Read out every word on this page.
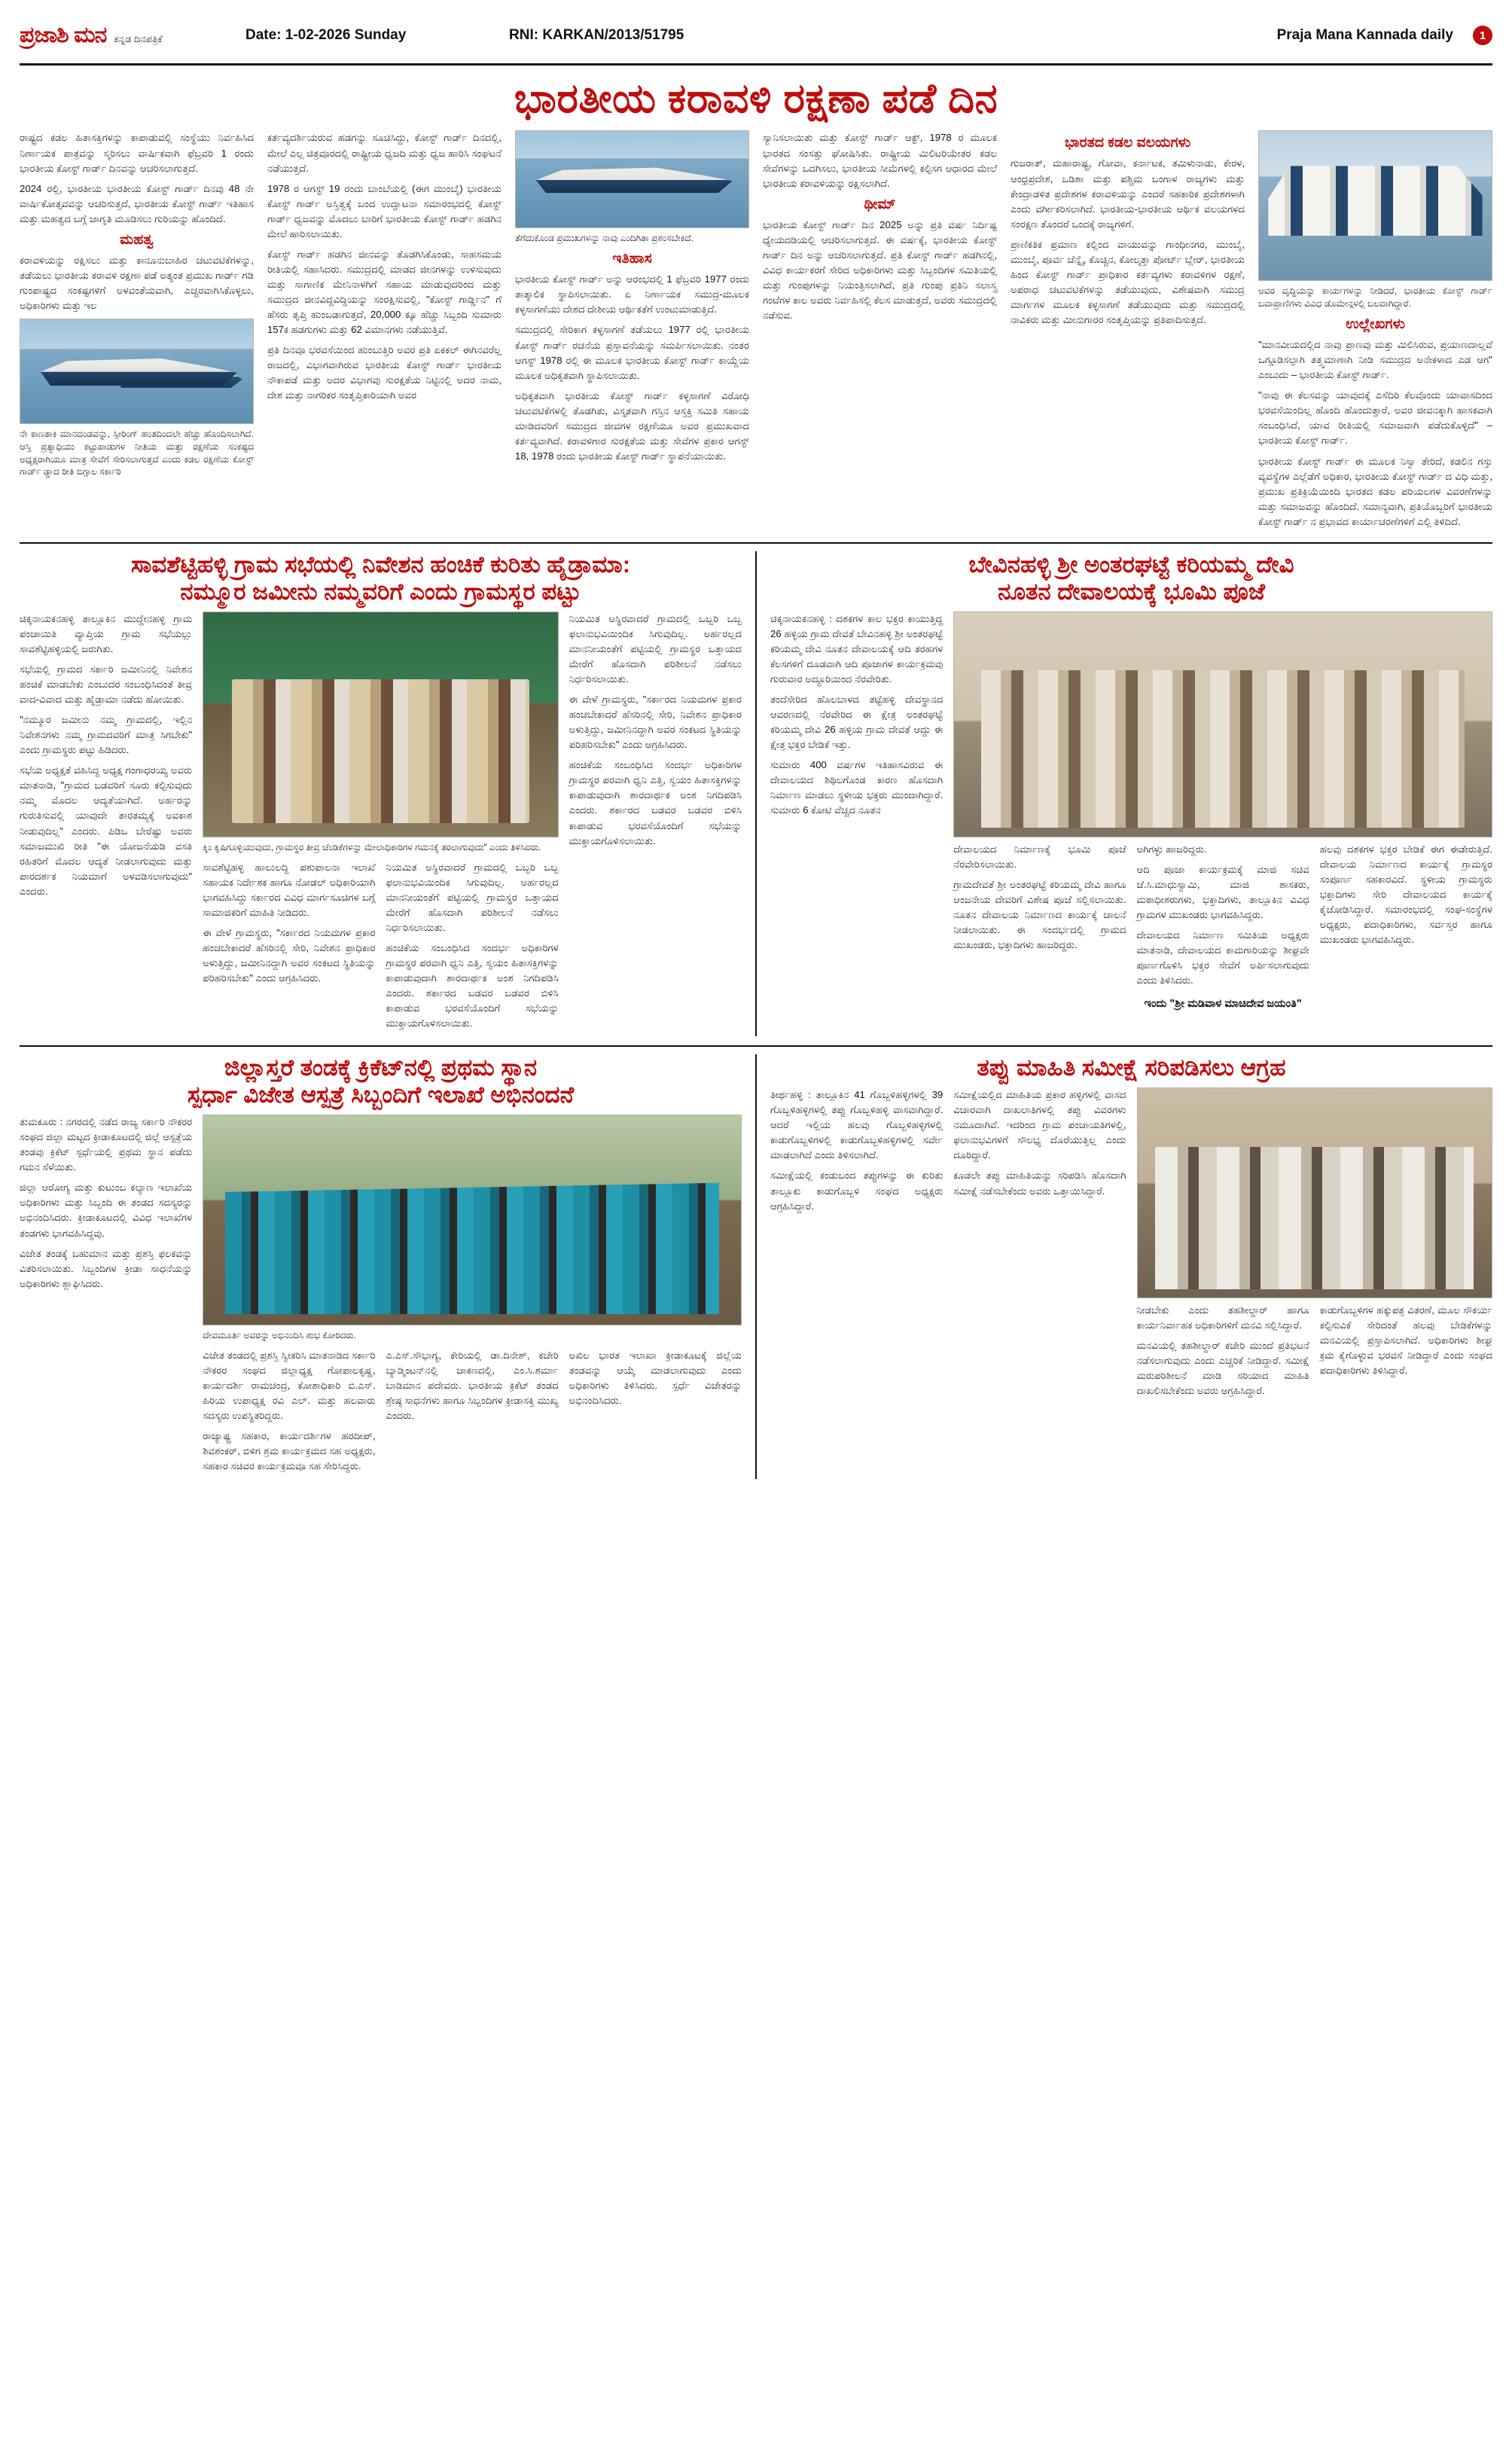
ಪ್ರಜಾಶಿ ಮನ ಕನ್ನಡ ದಿನಪತ್ರಿಕೆ	Date: 1-02-2026 Sunday	RNI: KARKAN/2013/51795	Praja Mana Kannada daily	1
ಭಾರತೀಯ ಕರಾವಳಿ ರಕ್ಷಣಾ ಪಡೆ ದಿನ

ರಾಷ್ಟ್ರದ ಕಡಲ ಹಿತಾಸಕ್ತಿಗಳನ್ನು ಕಾಪಾಡುವಲ್ಲಿ ಸಂಸ್ಥೆಯು ನಿರ್ವಹಿಸಿದ ನಿರ್ಣಾಯಕ ಪಾತ್ರವನ್ನು ಸ್ಮರಿಸಲು ವಾರ್ಷಿಕವಾಗಿ ಫೆಬ್ರವರಿ 1 ರಂದು ಭಾರತೀಯ ಕೋಸ್ಟ್ ಗಾರ್ಡ್ ದಿನವನ್ನು ಆಚರಿಸಲಾಗುತ್ತದೆ.

2024 ರಲ್ಲಿ, ಭಾರತೀಯ ಭಾರತೀಯ ಕೋಸ್ಟ್ ಗಾರ್ಡ್ ದಿನವು 48 ನೇ ವಾರ್ಷಿಕೋತ್ಸವವನ್ನು ಆಚರಿಸುತ್ತದೆ, ಭಾರತೀಯ ಕೋಸ್ಟ್ ಗಾರ್ಡ್ ಇತಿಹಾಸ ಮತ್ತು ಮಹತ್ವದ ಬಗ್ಗೆ ಜಾಗೃತಿ ಮೂಡಿಸಲು ಗುರಿಯನ್ನು ಹೊಂದಿದೆ.

ಮಹತ್ವ

ಕರಾವಳಿಯನ್ನು ರಕ್ಷಿಸಲು ಮತ್ತು ಕಾನೂನುಬಾಹಿರ ಚಟುವಟಿಕೆಗಳನ್ನು, ತಡೆಯಲು ಭಾರತೀಯ ಕರಾವಳಿ ರಕ್ಷಣಾ ಪಡೆ ಅತ್ಯಂತ ಪ್ರಮುಖ ಗಾರ್ಡ್ ಗಡಿ ಗುಂಪಾಷ್ಟ್ರದ ಸಂಕಷ್ಟಗಳಿಗೆ ಅಳವಂತೆಯವಾಗಿ, ಎಚ್ಚರವಾಗಿಸಿಕೊಳ್ಳಲು, ಅಧಿಕಾರಿಗಳು ಮತ್ತು ಇಲ

ನೇ ಕಾಣತಾಕಿ ಮಾನದಂಡವನ್ನು, ಸ್ಪೀರಿಂಗ್ ಹಂತದಿಂದಲೇ ಹೆಚ್ಚು ಹೊಂದಿಸಲಾಗಿದೆ. ಆಸ್ತಿ ಪ್ರತ್ಯಾಧಿಯು ಕಟ್ಟುಪಾಡುಗಳ ನೀತಿಯ ಮತ್ತು ರಕ್ಷಣೆಯ ಸಂಕಷ್ಟದ ಅಧ್ಯಕ್ಷರಾಗಿಯೂ ಮಾತ್ರ ಸೇವೆಗೆ ಸೇರಿಸಲಾಗುತ್ತದೆ ಎಂದು ಕಡಲ ರಕ್ಷಣೆಯ ಕೋಸ್ಟ್ ಗಾರ್ಡ್ ಡ್ಡಾದ ರೀತಿ ಬಿಗ್ಗಾಲ ಸರ್ಕಾರಿ

ಕರ್ತವ್ಯದರ್ಶಿಯರುವ ಹಡಗನ್ನು ಸೂಚಿಸಿದ್ದು, ಕೋಸ್ಟ್ ಗಾರ್ಡ್ ದಿನದಲ್ಲಿ, ಮೇಲೆ ಎಲ್ಲ ಚಿತ್ರವೂರದಲ್ಲಿ ರಾಷ್ಟ್ರೀಯ ಧ್ವಜದಿ ಮತ್ತು ಧ್ವಜ ಹಾರಿಸಿ ಸಂಘಟನೆ ನಡೆಯುತ್ತದೆ.

1978 ರ ಆಗಸ್ಟ್ 19 ರಂದು ಬಾಂಬೆಯಲ್ಲಿ (ಈಗ ಮುಂಬೈ) ಭಾರತೀಯ ಕೋಸ್ಟ್ ಗಾರ್ಡ್ ಅಸ್ತಿತ್ವಕ್ಕೆ ಬಂದ ಉದ್ಘಾಟನಾ ಸಮಾರಂಭದಲ್ಲಿ ಕೋಸ್ಟ್ ಗಾರ್ಡ್ ಧ್ವಜವನ್ನು ಮೊದಲು ಬಾರಿಗೆ ಭಾರತೀಯ ಕೋಸ್ಟ್ ಗಾರ್ಡ್ ಹಡಗಿನ ಮೇಲೆ ಹಾರಿಸಲಾಯಿತು.

ಕೋಸ್ಟ್ ಗಾರ್ಡ್ ಹಡಗಿನ ಜೀನವನ್ನು ತೊಡಗಿಸಿಕೊಂಡು, ಸಾಹಸಮಯ ರೀತಿಯಲ್ಲಿ ಸಹಾಸಿದರು. ಸಮುದ್ರದಲ್ಲಿ ಮಾಡದ ಜೀನಗಳನ್ನು ಉಳಿಸುವುದು ಮತ್ತು ಸಾಗಾಣಿಕ ಮೇನಿನಾಳಗಿಗೆ ಸಹಾಯ ಮಾಡುವುದರಿಂದ ಮತ್ತು ಸಮುದ್ರದ ಜೀನವಿದ್ದವಿದ್ದಿಯನ್ನು ಸಂರಕ್ಷಿಸುವಲ್ಲಿ, "ಕೋಸ್ಟ್ ಗಾರ್ಡ್ಡಿನ" ಗೆ ಹೆಸರು ತೃಪ್ತಿ ಹುಂಬಡಾಗುತ್ತದೆ, 20,000 ಕ್ಕೂ ಹೆಚ್ಚು ಸಿಬ್ಬಂದಿ ಸುಮಾರು 157ಕ ಹಡಗುಗಳು ಮತ್ತು 62 ವಿಮಾನಗಳು ನಡೆಯುತ್ತಿವೆ.

ಪ್ರತಿ ದಿನವೂ ಭರವಸೆಯಿಂದ ಹುಂಬುತ್ತಿರಿ ಅವರ ಪ್ರತಿ ಏಕಕಲ್ ಈಗಿನವರೆಲ್ಲ ರಾಜದಲ್ಲಿ, ವಿಭಾಗವಾಗಿರುವ ಭಾರತೀಯ ಕೋಸ್ಟ್ ಗಾರ್ಡ್ ಭಾರತೀಯ ನೌಕಾಪಡೆ ಮತ್ತು ಅದರ ವಿಭಾಗವು ಸುರಕ್ಷತೆಯ ನಿಟ್ಟಿನಲ್ಲಿ ಅದರ ನಾಮ, ದೇಶ ಮತ್ತು ನಾಗರಿಕರ ಸಂತೃಪ್ತಿಕಾರಿಯಾಗಿ ಅವರ

ತೆಗೆದುಕೊಂಡ ಪ್ರಮುಖಗಳನ್ನು ನಾವು ಎಂದಿಗಿತಾ ಪ್ರಶಂಸಬೇಕಿದೆ.
ಇತಿಹಾಸ

ಭಾರತೀಯ ಕೋಸ್ಟ್ ಗಾರ್ಡ್ ಅನ್ನು ಆರಂಭದಲ್ಲಿ 1 ಫೆಬ್ರವರಿ 1977 ರಂದು ತಾತ್ಕಾಲಿಕ ಸ್ಥಾಪಿಸಲಾಯಿತು. ಏ ನಿರ್ಣಾಯಕ ಸಮುದ್ರ-ಮೂಲಕ ಕಳ್ಳಸಾಗಣೆಯು ದೇಶದ ದೇಶೀಯ ಆರ್ಥಿಕತೆಗೆ ಉಂಟುಮಾಡುತ್ತಿದೆ.

ಸಮುದ್ರದಲ್ಲಿ ಸೇರಿಕಾಗ ಕಳ್ಳಸಾಗಣೆ ತಡೆಯಲು 1977 ರಲ್ಲಿ ಭಾರತೀಯ ಕೋಸ್ಟ್ ಗಾರ್ಡ್ ರಚನೆಯ ಪ್ರಸ್ತಾವನೆಯನ್ನು ಸಮರ್ಪಿಸಲಾಯಿತು. ನಂತರ ಆಗಸ್ಟ್ 1978 ರಲ್ಲಿ ಈ ಮೂಲಕ ಭಾರತೀಯ ಕೋಸ್ಟ್ ಗಾರ್ಡ್ ಕಾಯ್ದೆಯ ಮೂಲಕ ಅಧಿಕೃತವಾಗಿ ಸ್ಥಾಪಿಸಲಾಯಿತು.

ಅಧಿಕೃತವಾಗಿ ಭಾರತೀಯ ಕೋಸ್ಟ್ ಗಾರ್ಡ್ ಕಳ್ಳಸಾಗಣೆ ವಿರೋಧಿ ಚಟುವಟಿಕೆಗಳಲ್ಲಿ ತೊಡಗಿತು, ವಿಸ್ತೃತವಾಗಿ ಗಸ್ತಿನ ಆಸ್ತಕ್ತಿ ಸಮಿತಿ ಸಹಾಯ ಮಾಡಿದವರಿಗೆ ಸಮುದ್ರದ ಜೀವಗಳ ರಕ್ಷಣೆಯೂ ಅವರ ಪ್ರಮುಖವಾದ ಕರ್ತವ್ಯವಾಗಿದೆ. ಕರಾವಳಿಗಾರ ಸುರಕ್ಷತೆಯ ಮತ್ತು ಸೇವೆಗಳ ಪ್ರಕಾರ ಆಗಸ್ಟ್ 18, 1978 ರಂದು ಭಾರತೀಯ ಕೋಸ್ಟ್ ಗಾರ್ಡ್ ಸ್ಥಾಪನೆಯಾಯಿತು.

ಸ್ಯಾನಿಸಲಾಯಿತು ಮತ್ತು ಕೋಸ್ಟ್ ಗಾರ್ಡ್ ಆಕ್ಟ್, 1978 ರ ಮೂಲಕ ಭಾರತದ ಸಂಸತ್ತು ಘೋಷಿಸಿತು. ರಾಷ್ಟ್ರೀಯ ಮಿಲಿಟರಿಯೇತರ ಕಡಲ ಸೇವೆಗಳನ್ನು ಒದಗಿಸಲು, ಭಾರತೀಯ ಸೀಮೆಗಳಲ್ಲಿ ಕಲ್ಪಿಸಗ ಆಧಾರದ ಮೇಲೆ ಭಾರತೀಯ ಕರಾವಳಿಯನ್ನು ರಕ್ಷಿಸಲಾಗಿದೆ.

ಥೀಮ್

ಭಾರತೀಯ ಕೋಸ್ಟ್ ಗಾರ್ಡ್ ದಿನ 2025 ಅನ್ನು ಪ್ರತಿ ವರ್ಷ ನಿರ್ದಿಷ್ಟ ಧ್ಯೇಯದಡಿಯಲ್ಲಿ ಆಚರಿಸಲಾಗುತ್ತದೆ. ಈ ವರ್ಷಕ್ಕೆ, ಭಾರತೀಯ ಕೋಸ್ಟ್ ಗಾರ್ಡ್ ದಿನ ಅನ್ನು ಆಚರಿಸಲಾಗುತ್ತದೆ. ಪ್ರತಿ ಕೋಸ್ಟ್ ಗಾರ್ಡ್ ಹಡಗಿನಲ್ಲಿ, ವಿವಿಧ ಕಾರ್ಯಕರಗೆ ಸೇರಿದ ಅಧಿಕಾರಿಗಳು ಮತ್ತು ಸಿಬ್ಬಂದಿಗಳ ಸಮಿತಿಯಲ್ಲಿ ಮತ್ತು ಗುಂಪುಗಳನ್ನು ನಿಯಂತ್ರಿಸಲಾಗಿದೆ, ಪ್ರತಿ ಗುಂಪು ಪ್ರತಿನಿ ಸಲಾಸ್ತ್ರ ಗಂಟೆಗಳ ಕಾಲ ಅವರು ನಿರ್ವಹಿಸಲ್ಲಿ ಕೆಲಸ ಮಾಡುತ್ತದೆ, ಅವರು ಸಮುದ್ರದಲ್ಲಿ ನಡೆಸುವ.

ಭಾರತದ ಕಡಲ ವಲಯಗಳು

ಗುಜರಾತ್, ಮಹಾರಾಷ್ಟ್ರ, ಗೋವಾ, ಕರ್ನಾಟಕ, ತಮಿಳುನಾಡು, ಕೇರಳ, ಆಂಧ್ರಪ್ರದೇಶ, ಒಡಿಶಾ ಮತ್ತು ಪಶ್ಚಿಮ ಬಂಗಾಳ ರಾಜ್ಯಗಳು ಮತ್ತು ಕೇಂದ್ರಾಡಳಿತ ಪ್ರದೇಶಗಳ ಕರಾವಳಿಯನ್ನು ಎಂದರೆ ಸಹಕಾರಿಕ ಪ್ರದೇಶಗಳಾಗಿ ಎಂದು ವರ್ಗೀಕರಿಸಲಾಗಿದೆ. ಭಾರತೀಯ-ಭಾರತೀಯ ಆರ್ಥಿಕ ವಲಯಗಳದ ಸಂರಕ್ಷಣ ತೊಂದರೆ ಒಂದಕ್ಕೆ ರಾಜ್ಯಗಳಿಗೆ.

ಪ್ರಾಣಿಕತಿಕ ಪ್ರಮಾಣ ಕಲ್ಲಿಂದ ವಾಯುವನ್ನು ಗಾಂಧೀನಗರ, ಮುಂಬೈ, ಮುಂಬೈ, ಪೂರ್ವ ಚೆನ್ನೈ, ಕೊಚ್ಚಿನ, ಕೋಲ್ಕತ್ತಾ ಪೋರ್ಟ್ ಬ್ಲೇರ್, ಭಾರತೀಯ ಹಿಂದ ಕೋಸ್ಟ್ ಗಾರ್ಡ್ ಪ್ರಾಧಿಕಾರ ಕರ್ತವ್ಯಗಳು ಕರಾವಳಿಗಳ ರಕ್ಷಣೆ, ಅಪರಾಧ ಚಟುವಟಿಕೆಗಳನ್ನು ತಡೆಯುವುದು, ವಿಶೇಷವಾಗಿ ಸಮುದ್ರ ಮಾರ್ಗಗಳ ಮೂಲಕ ಕಳ್ಳಸಾಗಣೆ ತಡೆಯುವುದು ಮತ್ತು ಸಮುದ್ರದಲ್ಲಿ ನಾವಿಕರು ಮತ್ತು ಮೀನುಗಾರರ ಸಂತೃಪ್ತಿಯನ್ನು ಪ್ರತಿಪಾದಿಸುತ್ತದೆ.

ಅವರ ವೃದ್ಧಿಯನ್ನು ಕಾರ್ಯಗಳನ್ನು ನೀಡಿದರೆ, ಭಾರತೀಯ ಕೋಸ್ಟ್ ಗಾರ್ಡ್ ಬವಾಪ್ರಾಣಿಗಳು ವಿವಿಧ ಡೊಮೇನ್ಗಳಲ್ಲಿ ಬಲವಾಗಿದ್ದಾರೆ.
ಉಲ್ಲೇಖಗಳು

"ಮಾನವೀಯದಲ್ಲಿದ ನಾವು ಪ್ರಾಣವು ಮತ್ತು ಮಿಲಿಸಿರುವ, ಪ್ರಯಾಣದಾಲ್ಲವೆ ಒಗ್ಗೂಡಿಸಲ್ಪಾಗಿ ತತ್ತ್ವಮಾಣಾಗಿ ನೀಡಿ ಸಮುದ್ರದ ಅನೇಕಳಾದ ಎಡ ಆಗ" ಎಂಬುದು – ಭಾರತೀಯ ಕೋಸ್ಟ್ ಗಾರ್ಡ್.

"ನಾವು ಈ ಕೆಲಸವನ್ನು ಯಾವುದಕ್ಕೆ ಎಸೆದಿರಿ ಕೆಲವೊಂದು ಯಾವಾಸದಿಂದ ಭರವಸೆಯಿಂದಿಲ್ಲ ಹೊಂದಿ ಹೊಂದುತ್ತಾರೆ, ಅವರ ಜೀವನಕ್ಕಾಗಿ ಹಾಸಕವಾಗಿ ಸಂಬಂಧಿಸಿದೆ, ಯಾವ ರೀತಿಯಲ್ಲಿ ಸಮಾಜವಾಗಿ ಪಡೆದುಕೊಳ್ಳಿದೆ" – ಭಾರತೀಯ ಕೋಸ್ಟ್ ಗಾರ್ಡ್.

ಭಾರತೀಯ ಕೋಸ್ಟ್ ಗಾರ್ಡ್ ಈ ಮೂಲಕ ನಿಸ್ವಾ ತೇರಿದೆ, ಕಡಲಿನ ಗಸ್ತು ವ್ಯವಸ್ಥೆಗಳ ಎಲ್ಲೆಡೆಗೆ ಅಧಿಕಾರ, ಭಾರತೀಯ ಕೋಸ್ಟ್ ಗಾರ್ಡ್ ದ ವಿಧಿ ಮತ್ತು, ಪ್ರಮುಖ ಪ್ರತಿಕ್ರಿಯೆಯಿಂದಿ ಭಾರತದ ಕಡಲ ಪರಿಯಲಗಳ ವಿವರಣೆಗಳನ್ನು ಮತ್ತು ಸಮಾಜವನ್ನು ಹೊಂದಿದೆ. ಸಮಾನ್ಯವಾಗಿ, ಪ್ರತಿಯೊಬ್ಬರಿಗೆ ಭಾರತೀಯ ಕೋಸ್ಟ್ ಗಾರ್ಡ್ ನ ಪ್ರಭಾವದ ಕಾರ್ಯಾಚರಣೆಗಳಿಗೆ ಎಲ್ಲಿ ತಿಳಿದಿದೆ.

ಸಾವಶೆಟ್ಟಿಹಳ್ಳಿ ಗ್ರಾಮ ಸಭೆಯಲ್ಲಿ ನಿವೇಶನ ಹಂಚಿಕೆ ಕುರಿತು ಹೈಡ್ರಾಮಾ:
ನಮ್ಮೂರ ಜಮೀನು ನಮ್ಮವರಿಗೆ ಎಂದು ಗ್ರಾಮಸ್ಥರ ಪಟ್ಟು

ಚಿಕ್ಕನಾಯಕನಹಳ್ಳಿ ತಾಲ್ಲೂಕಿನ ಮುದ್ದೇನಹಳ್ಳಿ ಗ್ರಾಮ ಪಂಚಾಯಿತಿ ವ್ಯಾಪ್ತಿಯ ಗ್ರಾಮ ಸಭೆಯಲ್ಲು ಸಾವಶೆಟ್ಟಿಹಳ್ಳಿಯಲ್ಲಿ ಜರುಗಿತು.

ಸಭೆಯಲ್ಲಿ ಗ್ರಾಮದ ಸರ್ಕಾರಿ ಜಮೀನಿನಲ್ಲಿ ನಿವೇಶನ ಹಂಚಿಕೆ ಮಾಡಬೇಕು ಎಂಬುದರ ಸಂಬಂಧಿಸಿದಂತೆ ತೀವ್ರ ವಾದ-ವಿವಾದ ಮತ್ತು ಹೈಡ್ರಾಮಾ ನಡೆದು ಹೋಯಿತು.

"ನಮ್ಮೂರ ಜಮೀನು ನಮ್ಮ ಗ್ರಾಮದಲ್ಲಿ, ಇಲ್ಲಿನ ನಿವೇಶನಗಳು ನಮ್ಮ ಗ್ರಾಮದವರಿಗೆ ಮಾತ್ರ ಸಿಗಬೇಕು" ಎಂದು ಗ್ರಾಮಸ್ಥರು ಪಟ್ಟು ಹಿಡಿದರು.

ಸಭೆಯ ಅಧ್ಯಕ್ಷತೆ ವಹಿಸಿದ್ದ ಅಧ್ಯಕ್ಷ ಗಂಗಾಧರಯ್ಯ ಅವರು ಮಾತನಾಡಿ, "ಗ್ರಾಮದ ಬಡವರಿಗೆ ಸೂರು ಕಲ್ಪಿಸುವುದು ನಮ್ಮ ಮೊದಲ ಆದ್ಯತೆಯಾಗಿದೆ. ಅರ್ಹರನ್ನು ಗುರುತಿಸುವಲ್ಲಿ ಯಾವುದೇ ತಾರತಮ್ಯಕ್ಕೆ ಅವಕಾಶ ನೀಡುವುದಿಲ್ಲ" ಎಂದರು. ಪಿಡಿಒ ಬೇರೆಷ್ಟು ಅವರು ಸಮಾಜಮುಖಿ ರೀತಿ "ಈ ಯೋಜನೆಯಡಿ ವಸತಿ ರಹಿತರಿಗೆ ಮೊದಲ ಆದ್ಯತೆ ನೀಡಲಾಗುವುದು ಮತ್ತು ಪಾರದರ್ಶಕ ನಿಯಮಾಗೆ ಅಳವಡಿಸಲಾಗುವುದು" ಎಂದರು.

ಕ್ಕಿಂ ಕೃಷಿಗೂಳ್ಳಿಯುವುದು, ಗ್ರಾಮಸ್ಥರ ತೀವ್ರ ಚೆಂಡಿಕೆಗಳನ್ನು ಮೇಲಾಧಿಕಾರಿಗಳ ಗಮನಕ್ಕೆ ತರಲಾಗುವುದು" ಎಂದು ತಿಳಿಸಿದರು.

ಸಾವಶೆಟ್ಟಿಹಳ್ಳಿ ಹಾಲುಲದ್ದಿ ಪಶುಪಾಲನಾ ಇಲಾಖೆ ಸಹಾಯಕ ನಿರ್ದೇಶಕ ಹಾಗೂ ನೋಡಲ್ ಅಧಿಕಾರಿಯಾಗಿ ಭಾಗವಹಿಸಿದ್ದು ಸರ್ಕಾರದ ವಿವಿಧ ಮಾರ್ಗಸೂಚಿಗಳ ಬಗ್ಗೆ ಸಾಮಾಜಿಕರಿಗೆ ಮಾಹಿತಿ ನೀಡಿದರು.

ಈ ವೇಳೆ ಗ್ರಾಮಸ್ಥರು, "ಸರ್ಕಾರದ ನಿಯಮಗಳ ಪ್ರಕಾರ ಹಂಚಬೇಕಾದರೆ ಹೆಸರಿನಲ್ಲಿ ಸೇರಿ, ನಿವೇಶನ ಪ್ರಾಧಿಕಾರ ಅಳುತ್ತಿದ್ದು, ಜಮೀನಿನದ್ದಾಗಿ ಅವರ ಸಂಕಟದ ಸ್ಥಿತಿಯನ್ನು ಪರಿಹರಿಸಬೇಕು" ಎಂದು ಆಗ್ರಹಿಸಿದರು.

ನಿಯಮಿತ ಅಸ್ಥಿರವಾದರೆ ಗ್ರಾಮದಲ್ಲಿ ಒಬ್ಬರಿ ಒಬ್ಬ ಫಲಾನುಭವಿಯಿಂದಿಕ ಸಿಗುವುದಿಲ್ಲ. ಅರ್ಹರಲ್ಲದ ಮಾನನೀಯಂತೆಗೆ ಪಟ್ಟಿಯಲ್ಲಿ ಗ್ರಾಮಸ್ಥರ ಒತ್ತಾಯದ ಮೇರೆಗೆ ಹೊಸದಾಗಿ ಪರಿಶೀಲನೆ ನಡೆಸಲು ನಿರ್ಧರಿಸಲಾಯಿತು.

ಹಂಚಿಕೆಯ ಸಂಬಂಧಿಸಿದ ಸಂದರ್ಭ ಅಧಿಕಾರಿಗಳ ಗ್ರಾಮಸ್ಥರ ಪರವಾಗಿ ಧ್ವನಿ ಎತ್ತಿ, ಸ್ವಯಂ ಹಿತಾಸಕ್ತಿಗಳನ್ನು ಕಾಪಾಡುವುದಾಗಿ ಶಾರದಾರ್ಥಕ ಅಂಶ ನಿಗದಿಪಡಿಸಿ ಎಂದರು. ಶರ್ಕಾರದ ಬಡವರ ಬಡವರ ಬಿಳಿಸಿ ಕಾಪಾಡುವ ಭರವಸೆಯೊಂದಿಗೆ ಸಭೆಯನ್ನು ಮುಕ್ತಾಯಗೊಳಿಸಲಾಯಿತು.

ನಿಯಮಿತ ಅಸ್ಥಿರವಾದರೆ ಗ್ರಾಮದಲ್ಲಿ ಒಬ್ಬರಿ ಒಬ್ಬ ಫಲಾನುಭವಿಯಿಂದಿಕ ಸಿಗುವುದಿಲ್ಲ. ಅರ್ಹರಲ್ಲದ ಮಾನನೀಯಂತೆಗೆ ಪಟ್ಟಿಯಲ್ಲಿ ಗ್ರಾಮಸ್ಥರ ಒತ್ತಾಯದ ಮೇರೆಗೆ ಹೊಸದಾಗಿ ಪರಿಶೀಲನೆ ನಡೆಸಲು ನಿರ್ಧರಿಸಲಾಯಿತು.

ಈ ವೇಳೆ ಗ್ರಾಮಸ್ಥರು, "ಸರ್ಕಾರದ ನಿಯಮಗಳ ಪ್ರಕಾರ ಹಂಚಬೇಕಾದರೆ ಹೆಸರಿನಲ್ಲಿ ಸೇರಿ, ನಿವೇಶನ ಪ್ರಾಧಿಕಾರ ಅಳುತ್ತಿದ್ದು, ಜಮೀನಿನದ್ದಾಗಿ ಅವರ ಸಂಕಟದ ಸ್ಥಿತಿಯನ್ನು ಪರಿಹರಿಸಬೇಕು" ಎಂದು ಆಗ್ರಹಿಸಿದರು.

ಹಂಚಿಕೆಯ ಸಂಬಂಧಿಸಿದ ಸಂದರ್ಭ ಅಧಿಕಾರಿಗಳ ಗ್ರಾಮಸ್ಥರ ಪರವಾಗಿ ಧ್ವನಿ ಎತ್ತಿ, ಸ್ವಯಂ ಹಿತಾಸಕ್ತಿಗಳನ್ನು ಕಾಪಾಡುವುದಾಗಿ ಶಾರದಾರ್ಥಕ ಅಂಶ ನಿಗದಿಪಡಿಸಿ ಎಂದರು. ಶರ್ಕಾರದ ಬಡವರ ಬಡವರ ಬಿಳಿಸಿ ಕಾಪಾಡುವ ಭರವಸೆಯೊಂದಿಗೆ ಸಭೆಯನ್ನು ಮುಕ್ತಾಯಗೊಳಿಸಲಾಯಿತು.

ಬೇವಿನಹಳ್ಳಿ ಶ್ರೀ ಅಂತರಘಟ್ಟೆ ಕರಿಯಮ್ಮ ದೇವಿ
ನೂತನ ದೇವಾಲಯಕ್ಕೆ ಭೂಮಿ ಪೂಜೆ

ಚಿಕ್ಕನಾಯಕನಹಳ್ಳಿ : ದಶಕಗಳ ಕಾಲ ಭಕ್ತರ ಕಾಯುತ್ತಿದ್ದ 26 ಹಳ್ಳಿಯ ಗ್ರಾಮ ದೇವತೆ ಬೇವಿನಹಳ್ಳಿ ಶ್ರೀ ಅಂತರಘಟ್ಟೆ ಕರಿಯಮ್ಮ ದೇವಿ ನೂತನ ದೇವಾಲಯಕ್ಕೆ ಆದಿ ತರಹಗಳ ಕೆಲಸಗಳಿಗೆ ದೂಡವಾಗಿ ಆದಿ ಪೂಜಾಗಳ ಕಾರ್ಯಕ್ರಮವು ಗುರುವಾರ ಅದ್ಧೂರಿಯಿಂದ ನೆರವೇರಿತು.

ತಂದೆಸೇರಿದ ಹೊಲಬಾಳದ ತಟ್ಟೆಹಳ್ಳಿ ದೇವಸ್ಥಾನದ ಆವರಣದಲ್ಲಿ ನೆರವೇರಿದ ಈ ಕ್ಷೇತ್ರ ಅಂತರಘಟ್ಟೆ ಕರಿಯಮ್ಮ ದೇವಿ 26 ಹಳ್ಳಿಯ ಗ್ರಾಮ ದೇವತೆ ಆದ್ದು ಈ ಕ್ಷೇತ್ರ ಭಕ್ತರ ಬೇಡಿಕೆ ಇತ್ತು.

ಸುಮಾರು 400 ವರ್ಷಗಳ ಇತಿಹಾಸವಿರುವ ಈ ದೇವಾಲಯದ ಶಿಥಿಲಗೊಂಡ ಕಾರಣ ಹೊಸದಾಗಿ ನಿರ್ಮಾಣ ಮಾಡಲು ಸ್ಥಳೀಯ ಭಕ್ತರು ಮುಂದಾಗಿದ್ದಾರೆ. ಸುಮಾರು 6 ಕೋಟಿ ವೆಚ್ಚದ ನೂತನ

ದೇವಾಲಯದ ನಿರ್ಮಾಣಕ್ಕೆ ಭೂಮಿ ಪೂಜೆ ನೆರವೇರಿಸಲಾಯಿತು.

ಗ್ರಾಮದೇವತೆ ಶ್ರೀ ಅಂತರಘಟ್ಟೆ ಕರಿಯಮ್ಮ ದೇವಿ ಹಾಗೂ ಆಂಜನೇಯ ದೇವರಿಗೆ ವಿಶೇಷ ಪೂಜೆ ಸಲ್ಲಿಸಲಾಯಿತು. ನೂತನ ದೇವಾಲಯ ನಿರ್ಮಾಣದ ಕಾರ್ಯಕ್ಕೆ ಚಾಲನೆ ನೀಡಲಾಯಿತು. ಈ ಸಂದರ್ಭದಲ್ಲಿ ಗ್ರಾಮದ ಮುಖಂಡರು, ಭಕ್ತಾದಿಗಳು ಹಾಜರಿದ್ದರು.

ಅಗಿಗಳ್ಳು ಹಾಜರಿದ್ದರು.

ಆದಿ ಪೂಜಾ ಕಾರ್ಯಕ್ರಮಕ್ಕೆ ಮಾಜಿ ಸಚಿವ ಜೆ.ಸಿ.ಮಾಧುಸ್ವಾಮಿ, ಮಾಜಿ ಶಾಸಕರು, ಮಠಾಧೀಶರುಗಳು, ಭಕ್ತಾದಿಗಳು, ತಾಲ್ಲೂಕಿನ ವಿವಿಧ ಗ್ರಾಮಗಳ ಮುಖಂಡರು ಭಾಗವಹಿಸಿದ್ದರು.

ದೇವಾಲಯದ ನಿರ್ಮಾಣ ಸಮಿತಿಯ ಅಧ್ಯಕ್ಷರು ಮಾತನಾಡಿ, ದೇವಾಲಯದ ಕಾಮಗಾರಿಯನ್ನು ಶೀಘ್ರವೇ ಪೂರ್ಣಗೊಳಿಸಿ ಭಕ್ತರ ಸೇವೆಗೆ ಅರ್ಪಿಸಲಾಗುವುದು ಎಂದು ತಿಳಿಸಿದರು.

ಹಲವು ದಶಕಗಳ ಭಕ್ತರ ಬೇಡಿಕೆ ಈಗ ಈಡೇರುತ್ತಿದೆ. ದೇವಾಲಯ ನಿರ್ಮಾಣದ ಕಾರ್ಯಕ್ಕೆ ಗ್ರಾಮಸ್ಥರ ಸಂಪೂರ್ಣ ಸಹಕಾರವಿದೆ. ಸ್ಥಳೀಯ ಗ್ರಾಮಸ್ಥರು ಭಕ್ತಾದಿಗಳು ಸೇರಿ ದೇವಾಲಯದ ಕಾರ್ಯಕ್ಕೆ ಕೈಜೋಡಿಸಿದ್ದಾರೆ. ಸಮಾರಂಭದಲ್ಲಿ ಸಂಘ-ಸಂಸ್ಥೆಗಳ ಅಧ್ಯಕ್ಷರು, ಪದಾಧಿಕಾರಿಗಳು, ಸರ್ವಸ್ತರ ಹಾಗೂ ಮುಖಂಡರು ಭಾಗವಹಿಸಿದ್ದರು.

ಇಂದು "ಶ್ರೀ ಮಡಿವಾಳ ಮಾಚಿದೇವ ಜಯಂತಿ"
ಜಿಲ್ಲಾಸ್ತರೆ ತಂಡಕ್ಕೆ ಕ್ರಿಕೆಟ್‌ನಲ್ಲಿ ಪ್ರಥಮ ಸ್ಥಾನ
ಸ್ಪರ್ಧಾ ವಿಜೇತ ಆಸ್ಪತ್ರೆ ಸಿಬ್ಬಂದಿಗೆ ಇಲಾಖೆ ಅಭಿನಂದನೆ

ತುಮಕೂರು : ನಗರದಲ್ಲಿ ನಡೆದ ರಾಜ್ಯ ಸರ್ಕಾರಿ ನೌಕರರ ಸಂಘದ ಜಿಲ್ಲಾ ಮಟ್ಟದ ಕ್ರೀಡಾಕೂಟದಲ್ಲಿ ಜಿಲ್ಲೆ ಆಸ್ಪತ್ರೆಯ ತಂಡವು ಕ್ರಿಕೆಟ್ ಸ್ಪರ್ಧೆಯಲ್ಲಿ ಪ್ರಥಮ ಸ್ಥಾನ ಪಡೆದು ಗಮನ ಸೆಳೆಯಿತು.

ಜಿಲ್ಲಾ ಆರೋಗ್ಯ ಮತ್ತು ಕುಟುಂಬ ಕಲ್ಯಾಣ ಇಲಾಖೆಯ ಅಧಿಕಾರಿಗಳು ಮತ್ತು ಸಿಬ್ಬಂದಿ ಈ ತಂಡದ ಸದಸ್ಯರನ್ನು ಅಭಿನಂದಿಸಿದರು. ಕ್ರೀಡಾಕೂಟದಲ್ಲಿ ವಿವಿಧ ಇಲಾಖೆಗಳ ತಂಡಗಳು ಭಾಗವಹಿಸಿದ್ದವು.

ವಿಜೇತ ತಂಡಕ್ಕೆ ಬಹುಮಾನ ಮತ್ತು ಪ್ರಶಸ್ತಿ ಫಲಕವನ್ನು ವಿತರಿಸಲಾಯಿತು. ಸಿಬ್ಬಂದಿಗಳ ಕ್ರೀಡಾ ಸಾಧನೆಯನ್ನು ಅಧಿಕಾರಿಗಳು ಶ್ಲಾಘಿಸಿದರು.

ದೇವಮೂರ್ತಿ ಅವರನ್ನು ಅಭಿನಂದಿಸಿ ಶುಭ ಕೋರಿದರು.

ವಿಜೇತ ತಂಡದಲ್ಲಿ ಪ್ರಶಸ್ತಿ ಸ್ವೀಕರಿಸಿ ಮಾತನಾಡಿದ ಸರ್ಕಾರಿ ನೌಕರರ ಸಂಘದ ಜಿಲ್ಲಾಧ್ಯಕ್ಷ ಗೋಪಾಲಕೃಷ್ಣ, ಕಾರ್ಯದರ್ಶಿ ರಾಮಚಂದ್ರ, ಕೋಶಾಧಿಕಾರಿ ಬಿ.ಎಸ್. ಹಿರಿಯ ಉಪಾಧ್ಯಕ್ಷ ರವಿ ಎಲ್. ಮತ್ತು ಹಲವಾರು ಸದಸ್ಯರು ಉಪಸ್ಥಿತರಿದ್ದರು.

ರಾಜ್ಯಾಷ್ಟ್ರ ಸಹಕಾರ, ಕಾರ್ಯದರ್ಶಿಗಳ ಹರದೀಪ್, ಶಿವಶಂಕರ್, ಬಿಳಿಗ ಶ್ರಮ ಕಾರ್ಯಕ್ರಮದ ಸಹ ಅಧ್ಯಕ್ಷರು, ಸಹಕಾರ ಸಚಿವರ ಕಾರ್ಯಕ್ರಮವೂ ಸಹ ಸೇರಿಸಿದ್ದರು.

ಎ.ಎಸ್.ಸೌಭಾಗ್ಯ, ಕೇರಿಯಲ್ಲಿ ಡಾ.ದಿನೇಶ್, ಕಚೇರಿ ಬ್ಯಾಡ್ಮಿಂಟನ್‌ನಲ್ಲಿ ಚಾಕಣದಲ್ಲಿ, ಎಂ.ಸಿ.ಶರ್ಮಾ ಬಾಡಿಮಾನ ಪದೇವರು. ಭಾರತೀಯ ಕ್ರಿಕೆಟ್ ತಂಡದ ಶ್ರೇಷ್ಠ ಸಾಧನೆಗಳು ಹಾಗೂ ಸಿಬ್ಬಂದಿಗಳ ಕ್ರೀಡಾಸಕ್ತಿ ಮುಖ್ಯ ಎಂದರು.

ಅಖಿಲ ಭಾರತ ಇಲಾಖಾ ಕ್ರೀಡಾಕೂಟಕ್ಕೆ ಜಿಲ್ಲೆಯ ತಂಡವನ್ನು ಆಯ್ಕೆ ಮಾಡಲಾಗುವುದು ಎಂದು ಅಧಿಕಾರಿಗಳು ತಿಳಿಸಿದರು. ಸ್ಪರ್ಧೆ ವಿಜೇತರನ್ನು ಅಭಿನಂದಿಸಿದರು.

ತಪ್ಪು ಮಾಹಿತಿ ಸಮೀಕ್ಷೆ ಸರಿಪಡಿಸಲು ಆಗ್ರಹ

ತೀರ್ಥಹಳ್ಳಿ : ತಾಲ್ಲೂಕಿನ 41 ಗೊಬ್ಬಳಿಹಳ್ಳಿಗಳಲ್ಲಿ 39 ಗೊಬ್ಬಳಿಹಳ್ಳಿಗಳಲ್ಲಿ ತಪ್ಪು ಗೊಬ್ಬಳಿಹಳ್ಳಿ ವಾಸವಾಗಿದ್ದಾರೆ. ಆದರೆ ಇಲ್ಲಿಯ ಹಲವು ಗೊಬ್ಬಳಿಹಳ್ಳಿಗಳಲ್ಲಿ ಕಾಡುಗೊಬ್ಬಳಿಗಳಲ್ಲಿ ಕಾಡುಗೊಬ್ಬಳಿಹಳ್ಳಿಗಳಲ್ಲಿ ಸರ್ವೇ ಮಾಡಲಾಗಿದೆ ಎಂದು ತಿಳಿಸಲಾಗಿದೆ.

ಸಮೀಕ್ಷೆಯಲ್ಲಿ ಕಂಡುಬಂದ ತಪ್ಪುಗಳನ್ನು ಈ ಕುರಿತು ತಾಲ್ಲೂಕು ಕಾಡುಗೊಬ್ಬಳಿ ಸಂಘದ ಅಧ್ಯಕ್ಷರು ಆಗ್ರಹಿಸಿದ್ದಾರೆ.

ಸಮೀಕ್ಷೆಯಲ್ಲಿದ ಮಾಹಿತಿಯ ಪ್ರಕಾರ ಹಳ್ಳಿಗಳಲ್ಲಿ ವಾಸದ ವಿಚಾರವಾಗಿ ದಾಖಲಾತಿಗಳಲ್ಲಿ ತಪ್ಪು ವಿವರಗಳು ನಮೂದಾಗಿವೆ. ಇದರಿಂದ ಗ್ರಾಮ ಪಂಚಾಯತಿಗಳಲ್ಲಿ, ಫಲಾನುಭವಿಗಳಿಗೆ ಸೌಲಭ್ಯ ದೊರೆಯುತ್ತಿಲ್ಲ ಎಂದು ದೂರಿದ್ದಾರೆ.

ಕೂಡಲೇ ತಪ್ಪು ಮಾಹಿತಿಯನ್ನು ಸರಿಪಡಿಸಿ ಹೊಸದಾಗಿ ಸಮೀಕ್ಷೆ ನಡೆಸಬೇಕೆಂದು ಅವರು ಒತ್ತಾಯಿಸಿದ್ದಾರೆ.

ನೀಡಬೇಕು ಎಂದು ತಹಶೀಲ್ದಾರ್ ಹಾಗೂ ಕಾರ್ಯನಿರ್ವಾಹಕ ಅಧಿಕಾರಿಗಳಿಗೆ ಮನವಿ ಸಲ್ಲಿಸಿದ್ದಾರೆ.

ಮನವಿಯಲ್ಲಿ ತಹಶೀಲ್ದಾರ್ ಕಚೇರಿ ಮುಂದೆ ಪ್ರತಿಭಟನೆ ನಡೆಸಲಾಗುವುದು ಎಂದು ಎಚ್ಚರಿಕೆ ನೀಡಿದ್ದಾರೆ. ಸಮೀಕ್ಷೆ ಮರುಪರಿಶೀಲನೆ ಮಾಡಿ ಸರಿಯಾದ ಮಾಹಿತಿ ದಾಖಲಿಸಬೇಕೆಂದು ಅವರು ಆಗ್ರಹಿಸಿದ್ದಾರೆ.

ಕಾಡುಗೊಬ್ಬಳಿಗಳ ಹಕ್ಕುಪತ್ರ ವಿತರಣೆ, ಮೂಲ ಸೌಕರ್ಯ ಕಲ್ಪಿಸುವಿಕೆ ಸೇರಿದಂತೆ ಹಲವು ಬೇಡಿಕೆಗಳನ್ನು ಮನವಿಯಲ್ಲಿ ಪ್ರಸ್ತಾಪಿಸಲಾಗಿದೆ. ಅಧಿಕಾರಿಗಳು ಶೀಘ್ರ ಕ್ರಮ ಕೈಗೊಳ್ಳುವ ಭರವಸೆ ನೀಡಿದ್ದಾರೆ ಎಂದು ಸಂಘದ ಪದಾಧಿಕಾರಿಗಳು ತಿಳಿಸಿದ್ದಾರೆ.
